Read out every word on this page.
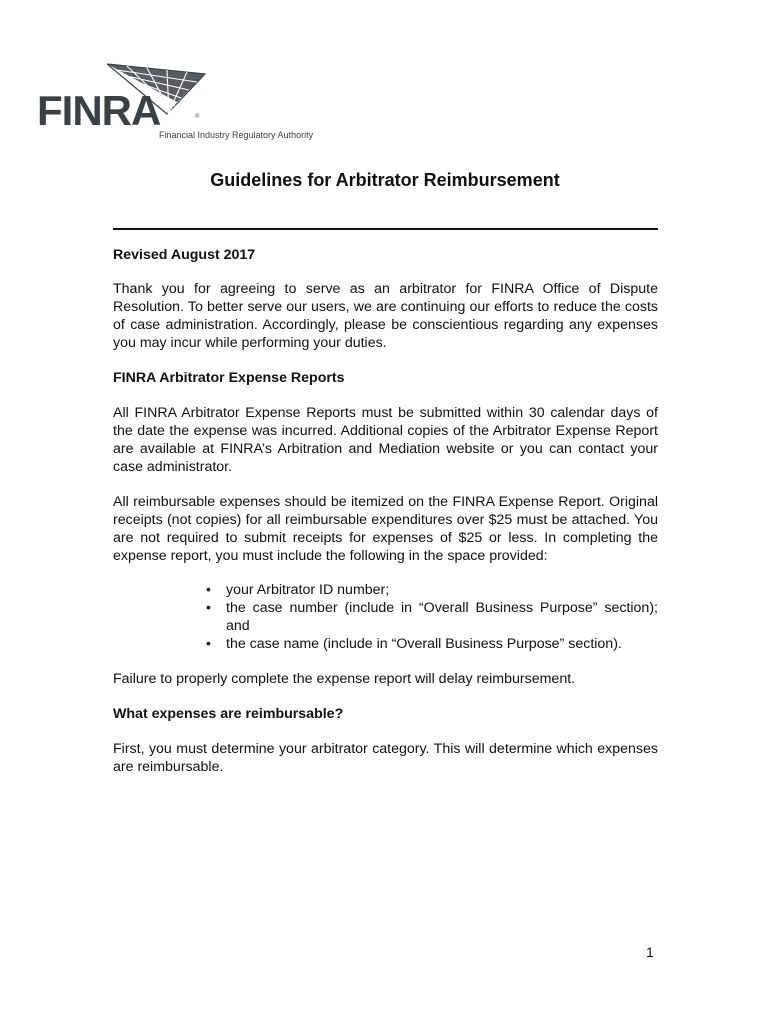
FINRA	®
Financial Industry Regulatory Authority
Guidelines for Arbitrator Reimbursement

Revised August 2017

Thank you for agreeing to serve as an arbitrator for FINRA Office of Dispute Resolution. To better serve our users, we are continuing our efforts to reduce the costs of case administration. Accordingly, please be conscientious regarding any expenses you may incur while performing your duties.

FINRA Arbitrator Expense Reports

All FINRA Arbitrator Expense Reports must be submitted within 30 calendar days of the date the expense was incurred. Additional copies of the Arbitrator Expense Report are available at FINRA’s Arbitration and Mediation website or you can contact your case administrator.

All reimbursable expenses should be itemized on the FINRA Expense Report. Original receipts (not copies) for all reimbursable expenditures over $25 must be attached. You are not required to submit receipts for expenses of $25 or less. In completing the expense report, you must include the following in the space provided:

• your Arbitrator ID number;
• the case number (include in “Overall Business Purpose” section); and
• the case name (include in “Overall Business Purpose” section).

Failure to properly complete the expense report will delay reimbursement.

What expenses are reimbursable?

First, you must determine your arbitrator category. This will determine which expenses are reimbursable.

1
